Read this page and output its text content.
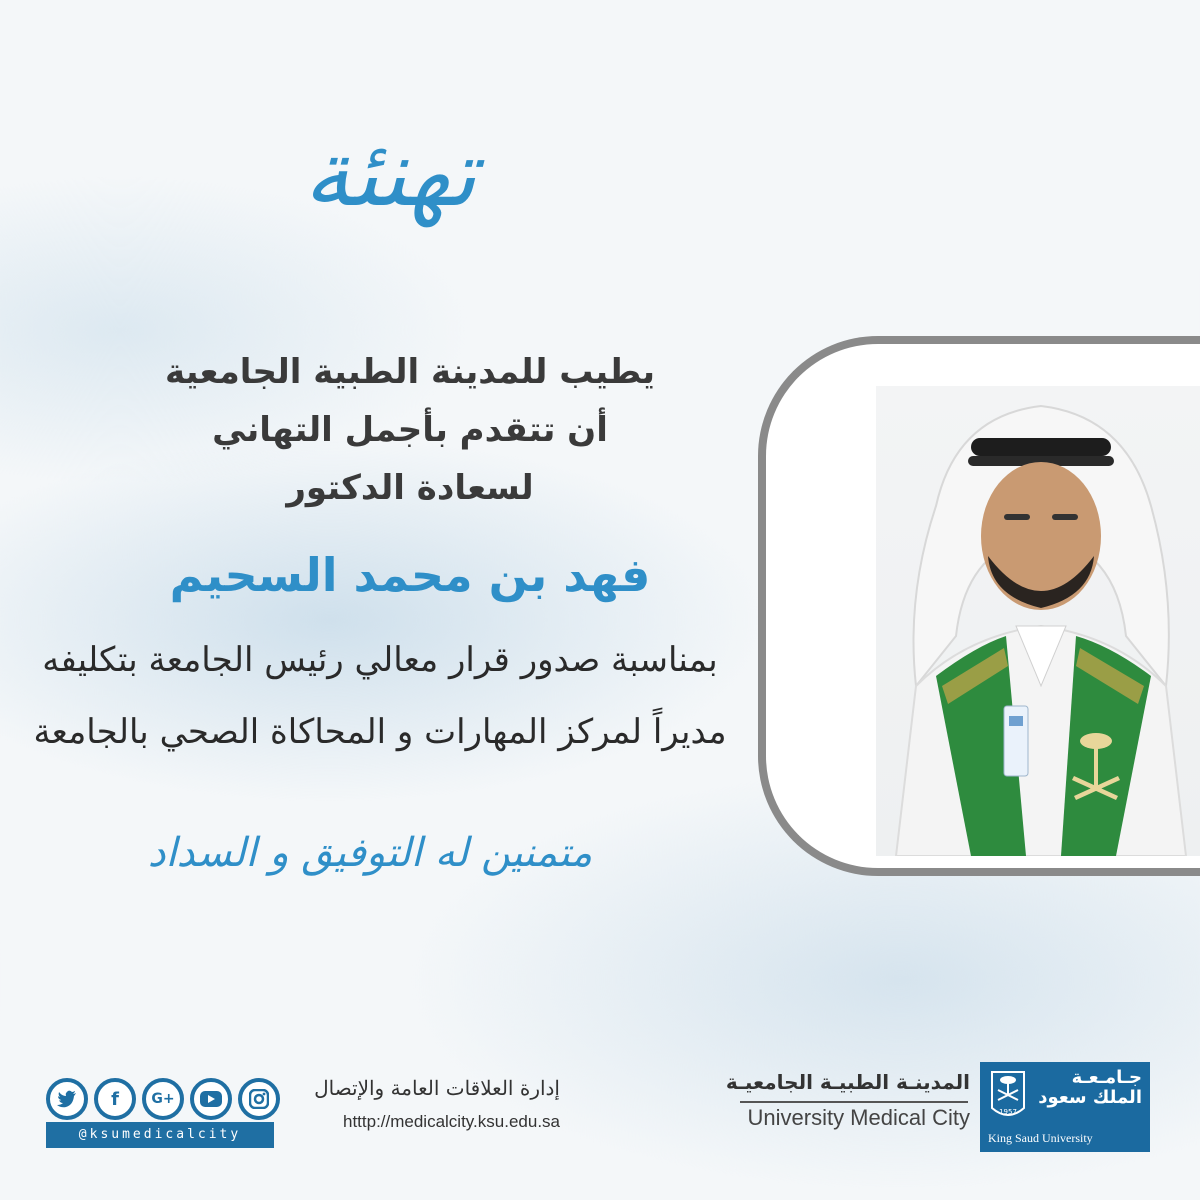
تهنئة
يطيب للمدينة الطبية الجامعية
أن تتقدم بأجمل التهاني
لسعادة الدكتور
فهد بن محمد السحيم
بمناسبة صدور قرار معالي رئيس الجامعة بتكليفه
مديراً لمركز المهارات و المحاكاة الصحي بالجامعة
متمنين له التوفيق و السداد
f G+
@ksumedicalcity
إدارة العلاقات العامة والإتصال
htttp://medicalcity.ksu.edu.sa
المدينـة الطبيـة الجامعيـة
University Medical City	1957
جـامـعـة الملك سعود
King Saud University
